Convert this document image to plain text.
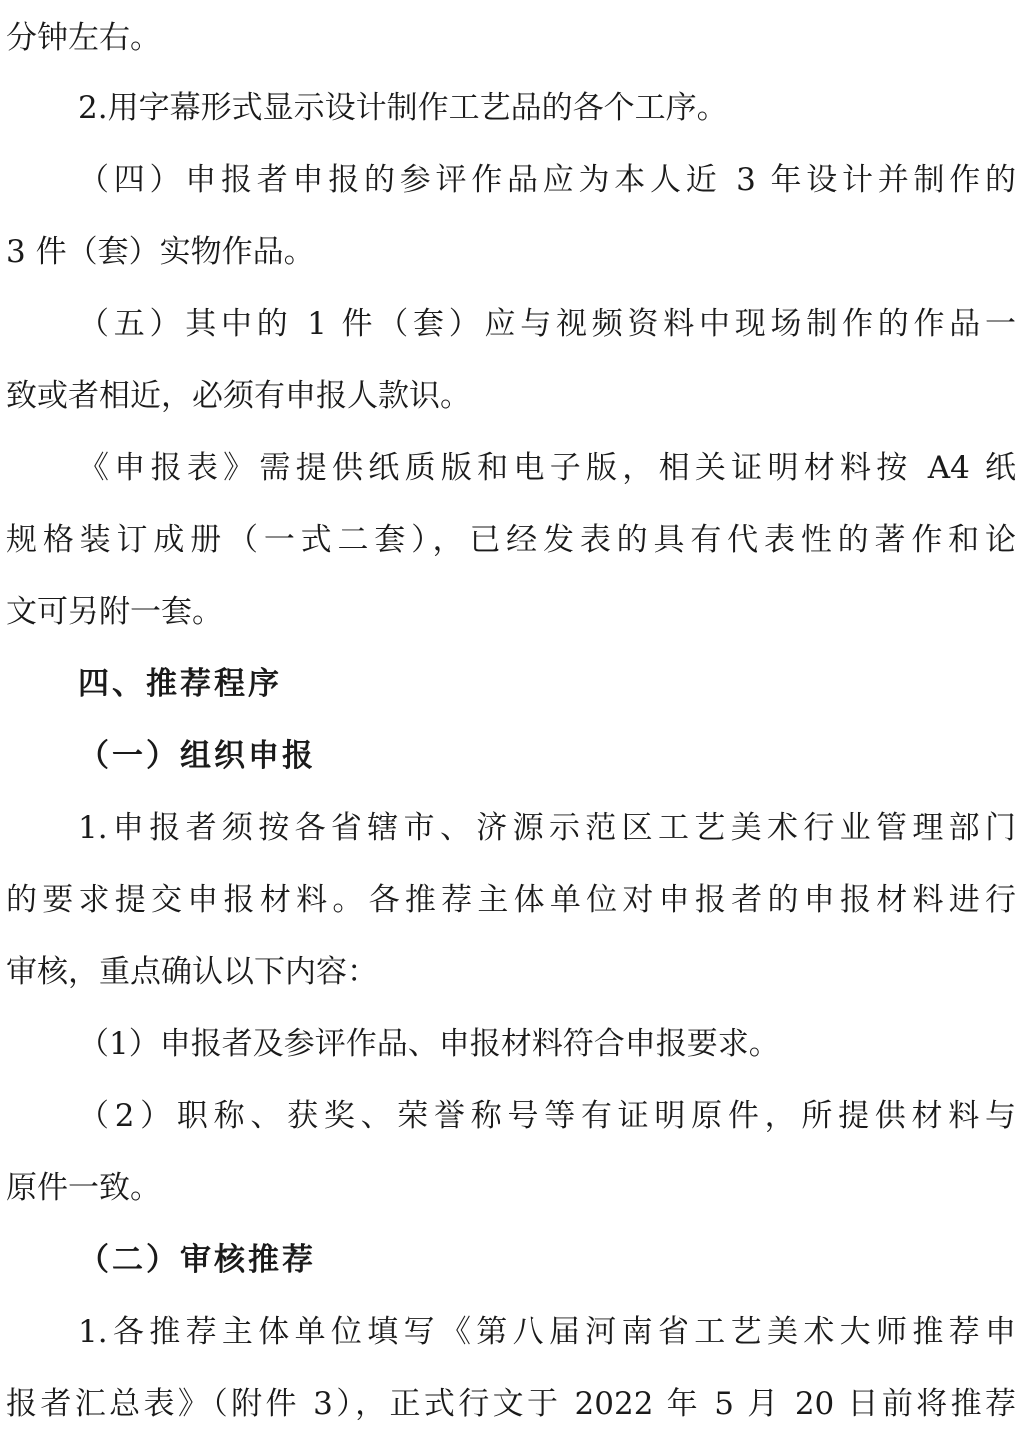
分钟左右。
2.用字幕形式显示设计制作工艺品的各个工序。
（四）申报者申报的参评作品应为本人近 3 年设计并制作的
3 件（套）实物作品。
（五）其中的 1 件（套）应与视频资料中现场制作的作品一
致或者相近，必须有申报人款识。
《申报表》需提供纸质版和电子版，相关证明材料按 A4 纸
规格装订成册（一式二套），已经发表的具有代表性的著作和论
文可另附一套。
四、推荐程序
（一）组织申报
1.申报者须按各省辖市、济源示范区工艺美术行业管理部门
的要求提交申报材料。各推荐主体单位对申报者的申报材料进行
审核，重点确认以下内容：
（1）申报者及参评作品、申报材料符合申报要求。
（2）职称、获奖、荣誉称号等有证明原件，所提供材料与
原件一致。
（二）审核推荐
1.各推荐主体单位填写《第八届河南省工艺美术大师推荐申
报者汇总表》（附件 3），正式行文于 2022 年 5 月 20 日前将推荐
